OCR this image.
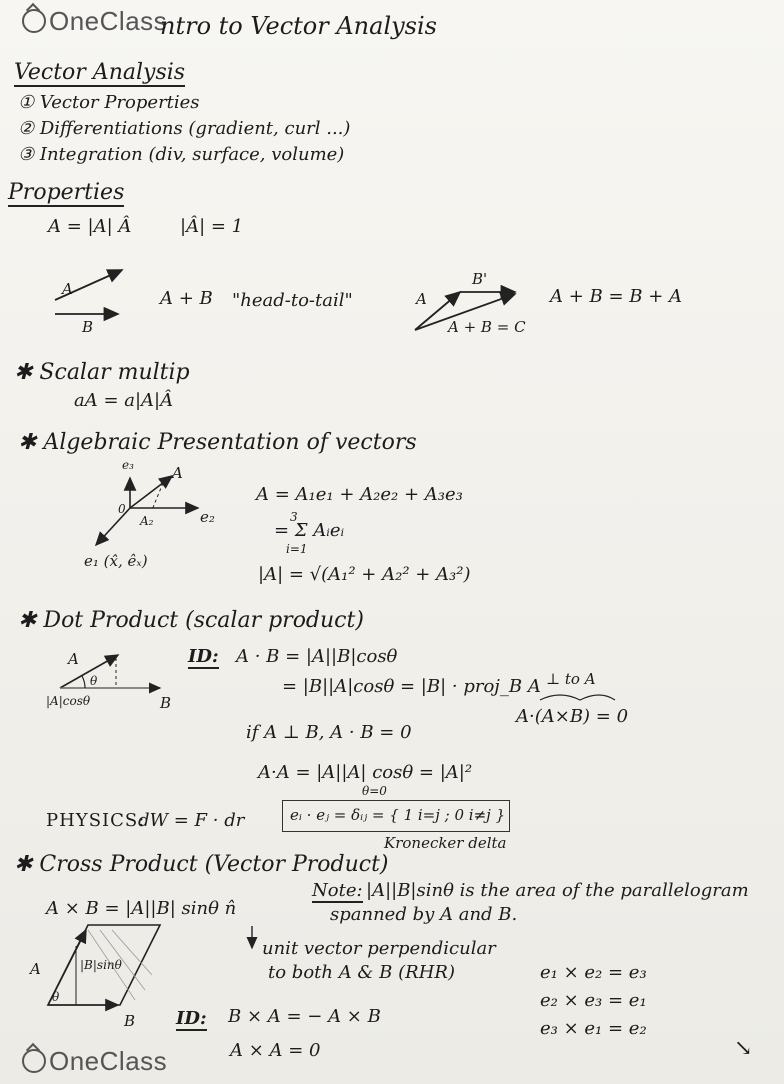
OneClass
ntro to Vector Analysis
Vector Analysis
① Vector Properties
② Differentiations (gradient, curl ...)
③ Integration (div, surface, volume)
Properties
A = |A| Â	|Â| = 1
A
B
A + B "head-to-tail"
B'
A
A + B = C
A + B = B + A
✱ Scalar multip
aA = a|A|Â
✱ Algebraic Presentation of vectors
e₃	A
e₂
A₂
0
e₁ (x̂, êₓ)
A = A₁e₁ + A₂e₂ + A₃e₃
3
= Σ Aᵢeᵢ
i=1
|A| = √(A₁² + A₂² + A₃²)
✱ Dot Product (scalar product)
A
θ
|A|cosθ	B
ID: A · B = |A||B|cosθ
= |B||A|cosθ = |B| · proj_B A ⊥ to A
A·(A×B) = 0
if A ⊥ B, A · B = 0
A·A = |A||A| cosθ = |A|²
θ=0
PHYSICS:
dW = F · dr	eᵢ · eⱼ = δᵢⱼ = { 1 i=j ; 0 i≠j }
Kronecker delta
✱ Cross Product (Vector Product)
A × B = |A||B| sinθ n̂
Note: |A||B|sinθ is the area of the parallelogram
spanned by A and B.
unit vector perpendicular
to both A & B (RHR)
A	|B|sinθ
θ
B
e₁ × e₂ = e₃
e₂ × e₃ = e₁
e₃ × e₁ = e₂
ID: B × A = − A × B
A × A = 0	↘
OneClass
